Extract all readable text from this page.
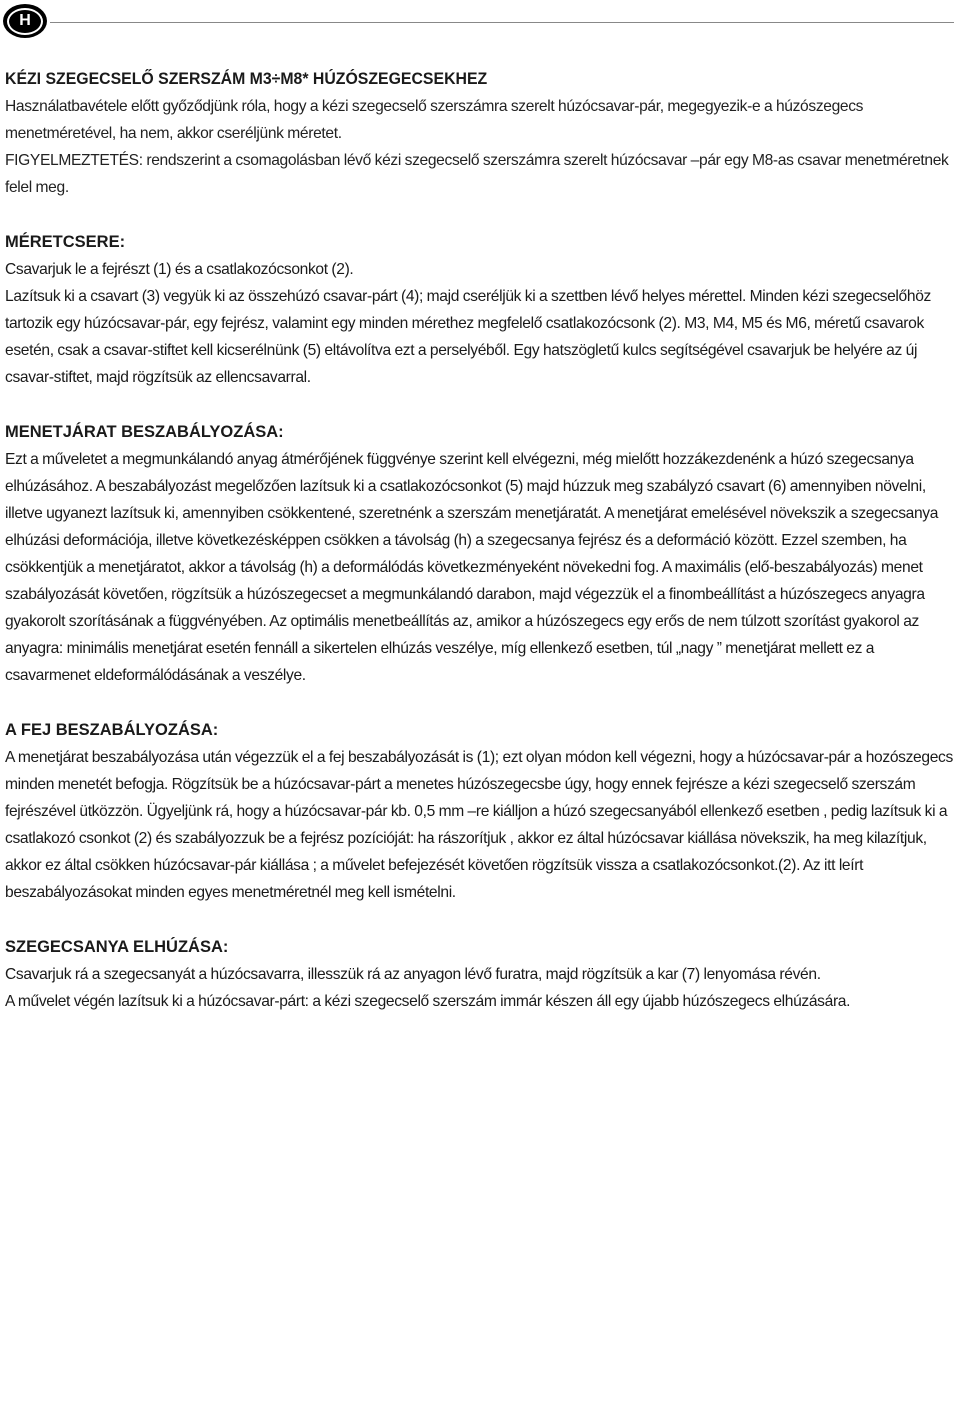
H

KÉZI SZEGECSELŐ SZERSZÁM M3÷M8* HÚZÓSZEGECSEKHEZ

Használatbavétele előtt győződjünk róla, hogy a kézi szegecselő szerszámra szerelt húzócsavar-pár, megegyezik-e a húzószegecs menetméretével, ha nem, akkor cseréljünk méretet.

FIGYELMEZTETÉS: rendszerint a csomagolásban lévő kézi szegecselő szerszámra szerelt húzócsavar –pár egy M8-as csavar menetméretnek felel meg.

MÉRETCSERE:

Csavarjuk le a fejrészt (1) és a csatlakozócsonkot (2).

Lazítsuk ki a csavart (3) vegyük ki az összehúzó csavar-párt (4); majd cseréljük ki a szettben lévő helyes mérettel. Minden kézi szegecselőhöz tartozik egy húzócsavar-pár, egy fejrész, valamint egy minden mérethez megfelelő csatlakozócsonk (2). M3, M4, M5 és M6, méretű csavarok esetén, csak a csavar-stiftet kell kicserélnünk (5) eltávolítva ezt a perselyéből. Egy hatszögletű kulcs segítségével csavarjuk be helyére az új csavar-stiftet, majd rögzítsük az ellencsavarral.

MENETJÁRAT BESZABÁLYOZÁSA:

Ezt a műveletet a megmunkálandó anyag átmérőjének függvénye szerint kell elvégezni, még mielőtt hozzákezdenénk a húzó szegecsanya elhúzásához. A beszabályozást megelőzően lazítsuk ki a csatlakozócsonkot (5) majd húzzuk meg szabályzó csavart (6) amennyiben növelni, illetve ugyanezt lazítsuk ki, amennyiben csökkentené, szeretnénk a szerszám menetjáratát. A menetjárat emelésével növekszik a szegecsanya elhúzási deformációja, illetve következésképpen csökken a távolság (h) a szegecsanya fejrész és a deformáció között. Ezzel szemben, ha csökkentjük a menetjáratot, akkor a távolság (h) a deformálódás következményeként növekedni fog. A maximális (elő-beszabályozás) menet szabályozását követően, rögzítsük a húzószegecset a megmunkálandó darabon, majd végezzük el a finombeállítást a húzószegecs anyagra gyakorolt szorításának a függvényében. Az optimális menetbeállítás az, amikor a húzószegecs egy erős de nem túlzott szorítást gyakorol az anyagra: minimális menetjárat esetén fennáll a sikertelen elhúzás veszélye, míg ellenkező esetben, túl „nagy ” menetjárat mellett ez a csavarmenet eldeformálódásának a veszélye.

A FEJ BESZABÁLYOZÁSA:

A menetjárat beszabályozása után végezzük el a fej beszabályozását is (1); ezt olyan módon kell végezni, hogy a húzócsavar-pár a hozószegecs minden menetét befogja. Rögzítsük be a húzócsavar-párt a menetes húzószegecsbe úgy, hogy ennek fejrésze a kézi szegecselő szerszám fejrészével ütközzön. Ügyeljünk rá, hogy a húzócsavar-pár kb. 0,5 mm –re kiálljon a húzó szegecsanyából ellenkező esetben , pedig lazítsuk ki a csatlakozó csonkot (2) és szabályozzuk be a fejrész pozícióját: ha rászorítjuk , akkor ez által húzócsavar kiállása növekszik, ha meg kilazítjuk, akkor ez által csökken húzócsavar-pár kiállása ; a művelet befejezését követően rögzítsük vissza a csatlakozócsonkot.(2). Az itt leírt beszabályozásokat minden egyes menetméretnél meg kell ismételni.

SZEGECSANYA ELHÚZÁSA:

Csavarjuk rá a szegecsanyát a húzócsavarra, illesszük rá az anyagon lévő furatra, majd rögzítsük a kar (7) lenyomása révén.

A művelet végén lazítsuk ki a húzócsavar-párt: a kézi szegecselő szerszám immár készen áll egy újabb húzószegecs elhúzására.
